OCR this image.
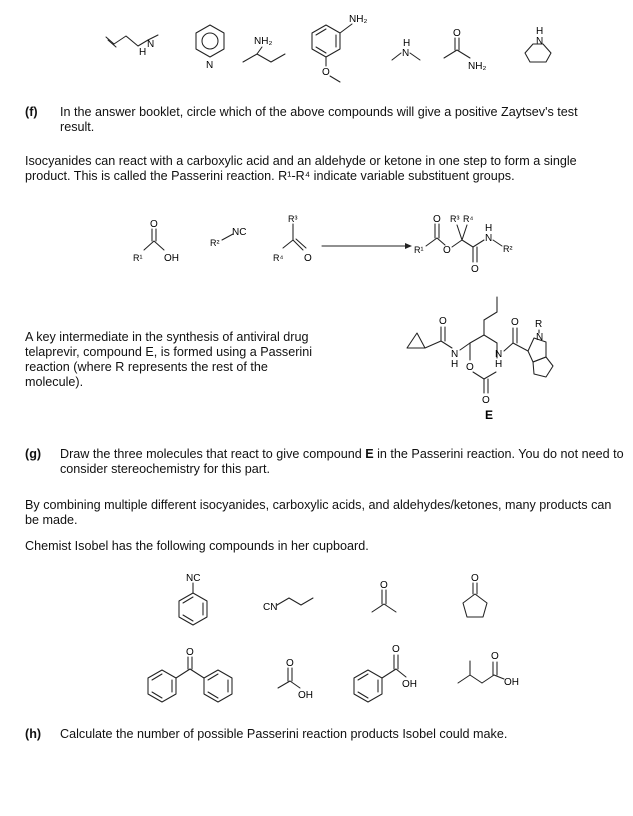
H
N
N
NH₂
NH₂
O
H
N
O
NH₂
H
N
(f) In the answer booklet, circle which of the above compounds will give a positive Zaytsev's test result.
Isocyanides can react with a carboxylic acid and an aldehyde or ketone in one step to form a single product. This is called the Passerini reaction. R¹-R⁴ indicate variable substituent groups.
O
R¹ OH
R²
NC
R³
R⁴ O
O
R¹ O
R³ R⁴
O
H
N
R²
A key intermediate in the synthesis of antiviral drug telaprevir, compound E, is formed using a Passerini reaction (where R represents the rest of the molecule).
O
N
H O
O
H
N
O
N
R
E
(g) Draw the three molecules that react to give compound E in the Passerini reaction. You do not need to consider stereochemistry for this part.
By combining multiple different isocyanides, carboxylic acids, and aldehydes/ketones, many products can be made.
Chemist Isobel has the following compounds in her cupboard.
NC
CN
O
O
O
O
OH
O
OH
O
OH
(h) Calculate the number of possible Passerini reaction products Isobel could make.
